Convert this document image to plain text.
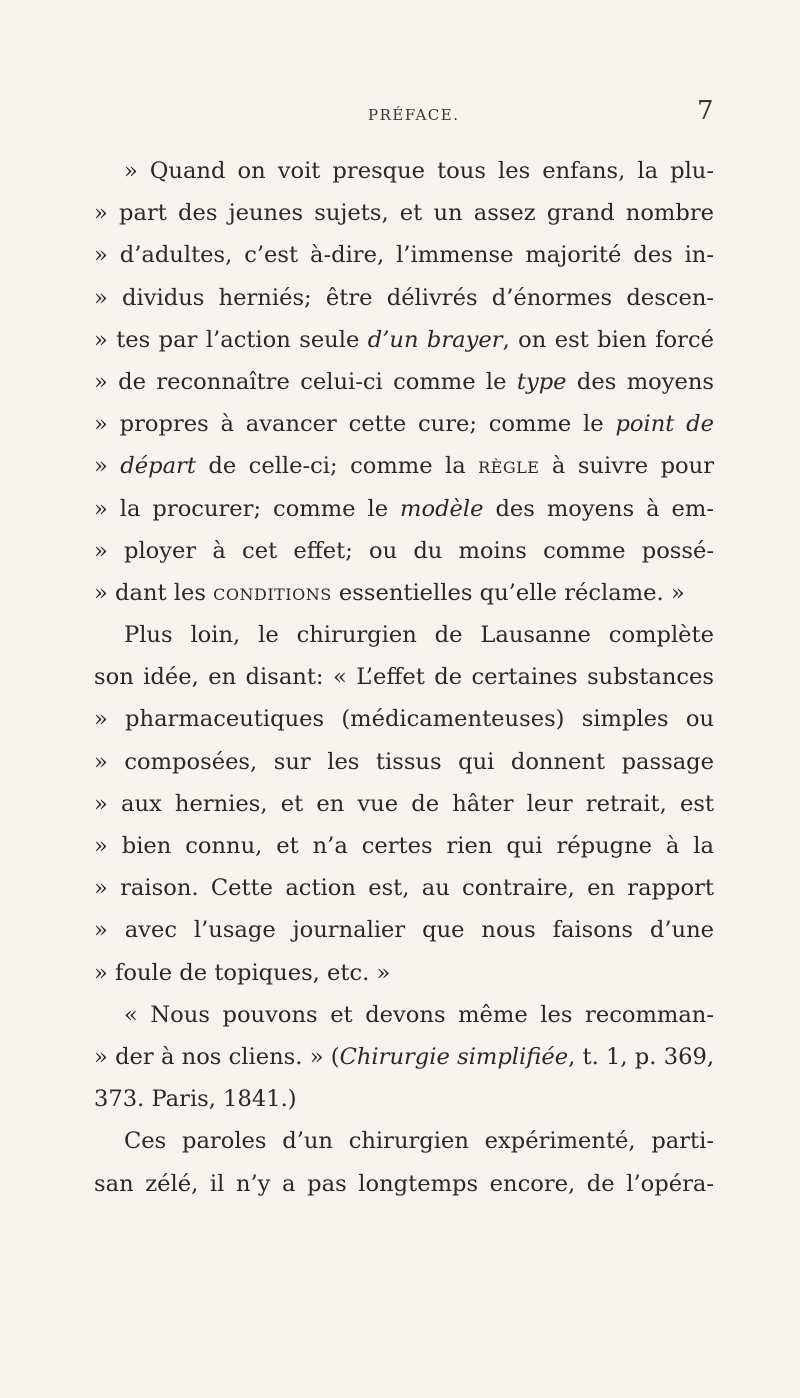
PRÉFACE.	7
» Quand on voit presque tous les enfans, la plu-
» part des jeunes sujets, et un assez grand nombre
» d’adultes, c’est à-dire, l’immense majorité des in-
» dividus herniés; être délivrés d’énormes descen-
» tes par l’action seule d’un brayer, on est bien forcé
» de reconnaître celui-ci comme le type des moyens
» propres à avancer cette cure; comme le point de
» départ de celle-ci; comme la règle à suivre pour
» la procurer; comme le modèle des moyens à em-
» ployer à cet effet; ou du moins comme possé-
» dant les conditions essentielles qu’elle réclame. »
Plus loin, le chirurgien de Lausanne complète
son idée, en disant: « L’effet de certaines substances
» pharmaceutiques (médicamenteuses) simples ou
» composées, sur les tissus qui donnent passage
» aux hernies, et en vue de hâter leur retrait, est
» bien connu, et n’a certes rien qui répugne à la
» raison. Cette action est, au contraire, en rapport
» avec l’usage journalier que nous faisons d’une
» foule de topiques, etc. »
« Nous pouvons et devons même les recomman-
» der à nos cliens. » (Chirurgie simplifiée, t. 1, p. 369,
373. Paris, 1841.)
Ces paroles d’un chirurgien expérimenté, parti-
san zélé, il n’y a pas longtemps encore, de l’opéra-
